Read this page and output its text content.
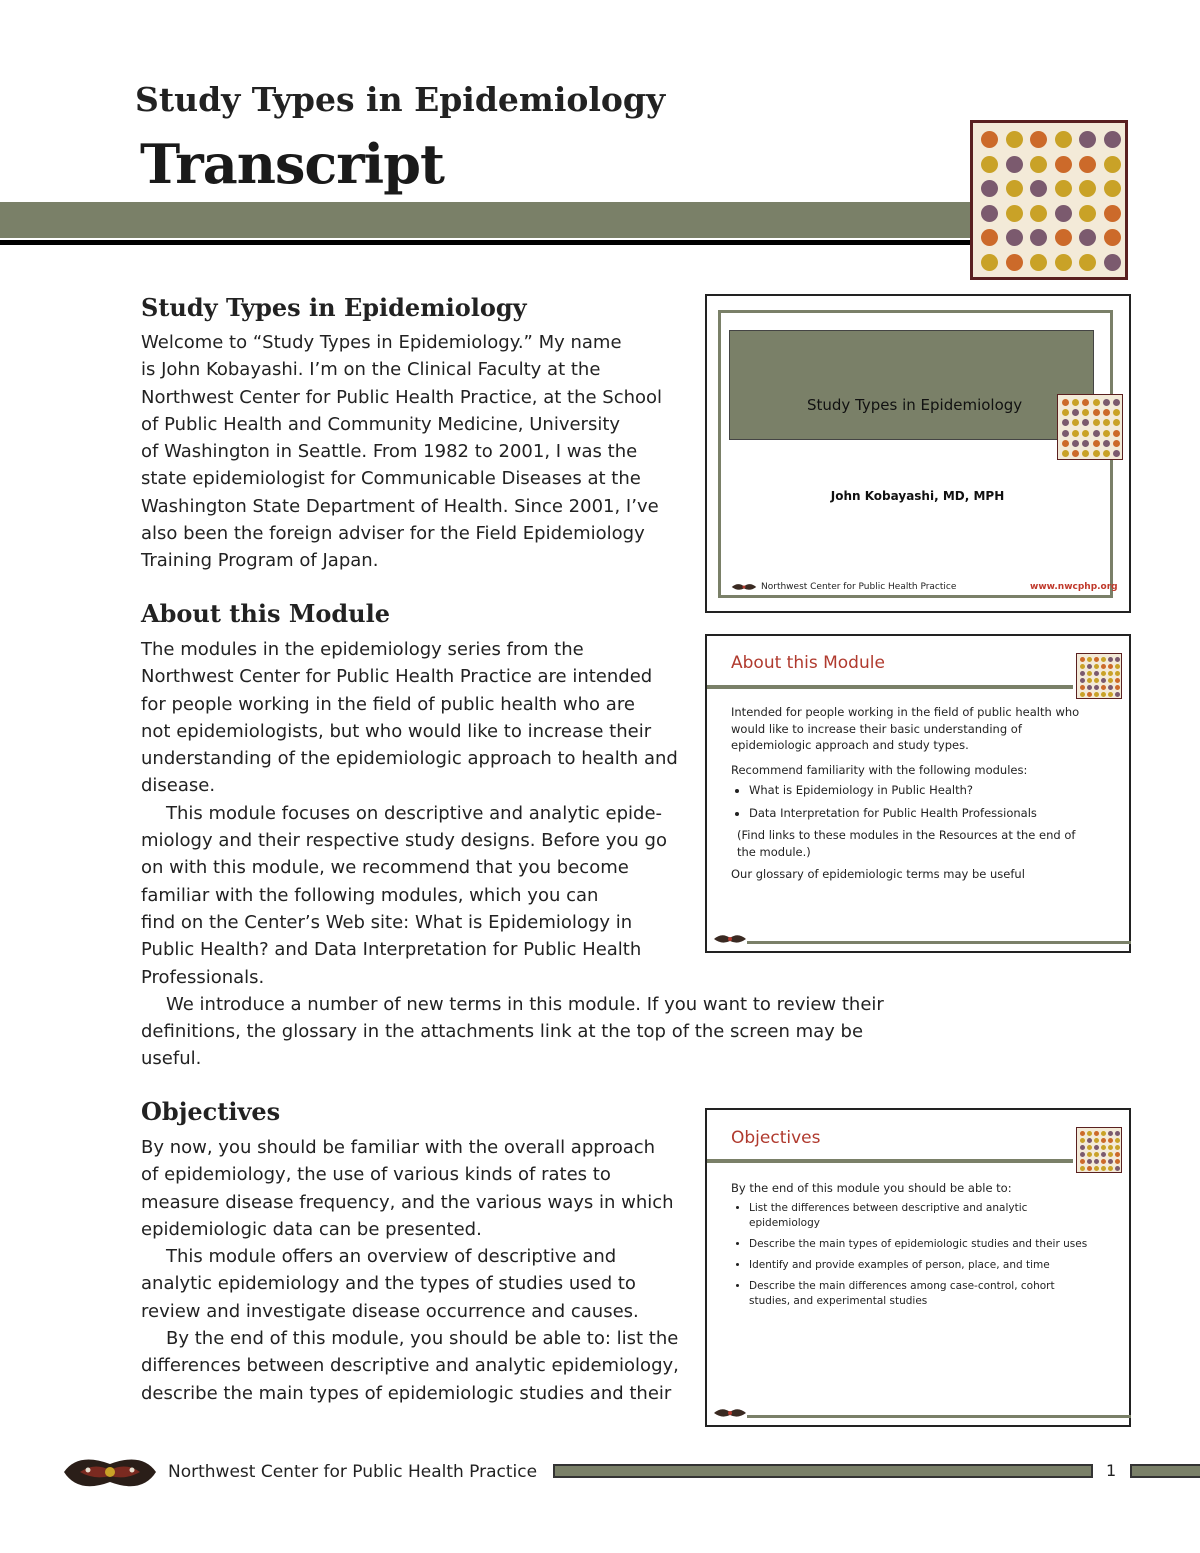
Study Types in Epidemiology
Transcript
Study Types in Epidemiology

Welcome to “Study Types in Epidemiology.” My name

is John Kobayashi. I’m on the Clinical Faculty at the

Northwest Center for Public Health Practice, at the School

of Public Health and Community Medicine, University

of Washington in Seattle. From 1982 to 2001, I was the

state epidemiologist for Communicable Diseases at the

Washington State Department of Health. Since 2001, I’ve

also been the foreign adviser for the Field Epidemiology

Training Program of Japan.

About this Module

The modules in the epidemiology series from the

Northwest Center for Public Health Practice are intended

for people working in the field of public health who are

not epidemiologists, but who would like to increase their

understanding of the epidemiologic approach to health and

disease.

This module focuses on descriptive and analytic epide-

miology and their respective study designs. Before you go

on with this module, we recommend that you become

familiar with the following modules, which you can

find on the Center’s Web site: What is Epidemiology in

Public Health? and Data Interpretation for Public Health

Professionals.

We introduce a number of new terms in this module. If you want to review their

definitions, the glossary in the attachments link at the top of the screen may be

useful.

Objectives

By now, you should be familiar with the overall approach

of epidemiology, the use of various kinds of rates to

measure disease frequency, and the various ways in which

epidemiologic data can be presented.

This module offers an overview of descriptive and

analytic epidemiology and the types of studies used to

review and investigate disease occurrence and causes.

By the end of this module, you should be able to: list the

differences between descriptive and analytic epidemiology,

describe the main types of epidemiologic studies and their

Study Types in Epidemiology
John Kobayashi, MD, MPH
Northwest Center for Public Health Practice	www.nwcphp.org
About this Module
Intended for people working in the field of public health who would like to increase their basic understanding of epidemiologic approach and study types.
Recommend familiarity with the following modules:
• What is Epidemiology in Public Health?
• Data Interpretation for Public Health Professionals
(Find links to these modules in the Resources at the end of the module.)
Our glossary of epidemiologic terms may be useful
Objectives
By the end of this module you should be able to:
• List the differences between descriptive and analytic epidemiology
• Describe the main types of epidemiologic studies and their uses
• Identify and provide examples of person, place, and time
• Describe the main differences among case-control, cohort studies, and experimental studies
Northwest Center for Public Health Practice	1
